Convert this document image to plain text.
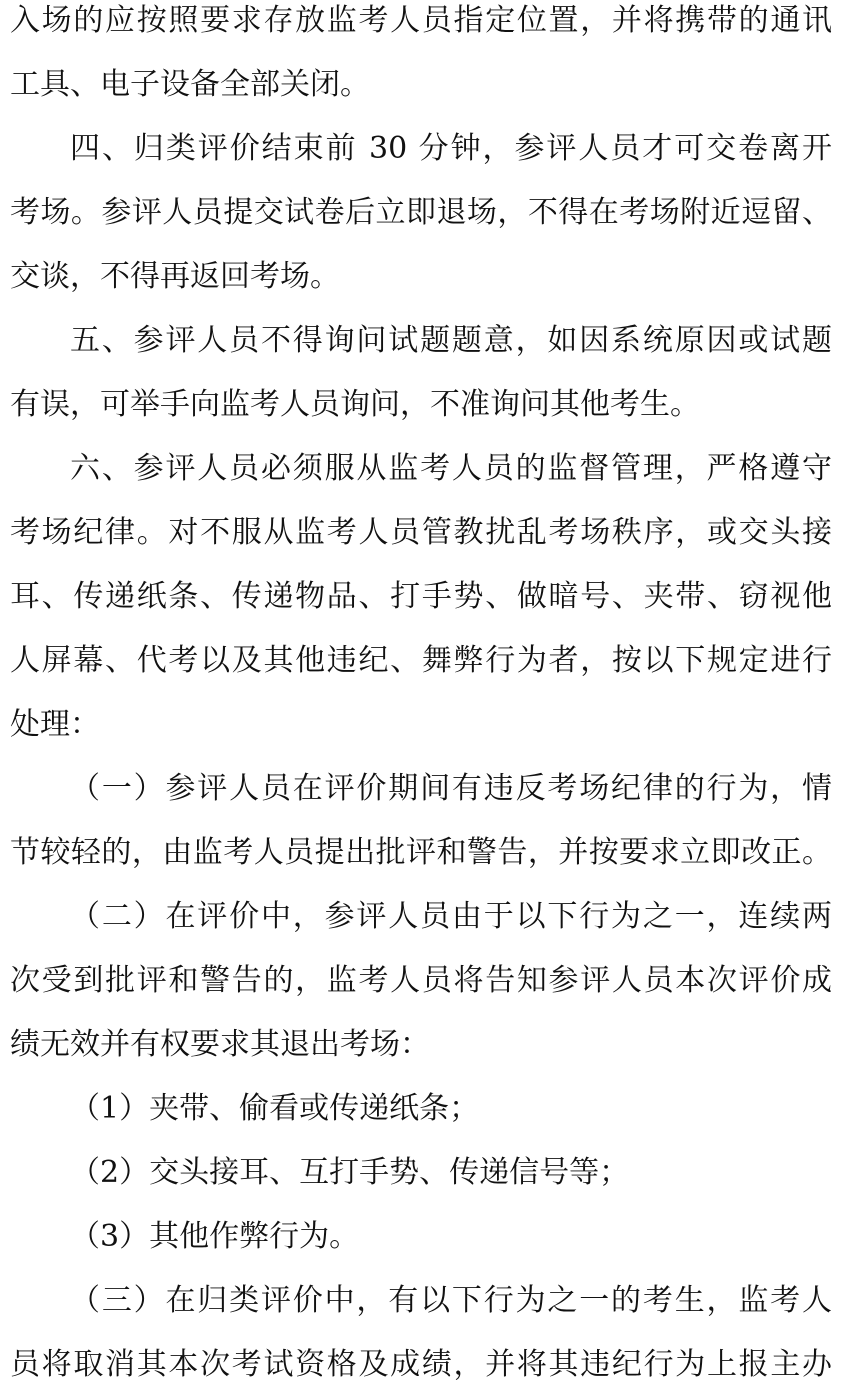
入场的应按照要求存放监考人员指定位置，并将携带的通讯
工具、电子设备全部关闭。
四、归类评价结束前 30 分钟，参评人员才可交卷离开
考场。参评人员提交试卷后立即退场，不得在考场附近逗留、
交谈，不得再返回考场。
五、参评人员不得询问试题题意，如因系统原因或试题
有误，可举手向监考人员询问，不准询问其他考生。
六、参评人员必须服从监考人员的监督管理，严格遵守
考场纪律。对不服从监考人员管教扰乱考场秩序，或交头接
耳、传递纸条、传递物品、打手势、做暗号、夹带、窃视他
人屏幕、代考以及其他违纪、舞弊行为者，按以下规定进行
处理：
（一）参评人员在评价期间有违反考场纪律的行为，情
节较轻的，由监考人员提出批评和警告，并按要求立即改正。
（二）在评价中，参评人员由于以下行为之一，连续两
次受到批评和警告的，监考人员将告知参评人员本次评价成
绩无效并有权要求其退出考场：
（1）夹带、偷看或传递纸条；
（2）交头接耳、互打手势、传递信号等；
（3）其他作弊行为。
（三）在归类评价中，有以下行为之一的考生，监考人
员将取消其本次考试资格及成绩，并将其违纪行为上报主办
